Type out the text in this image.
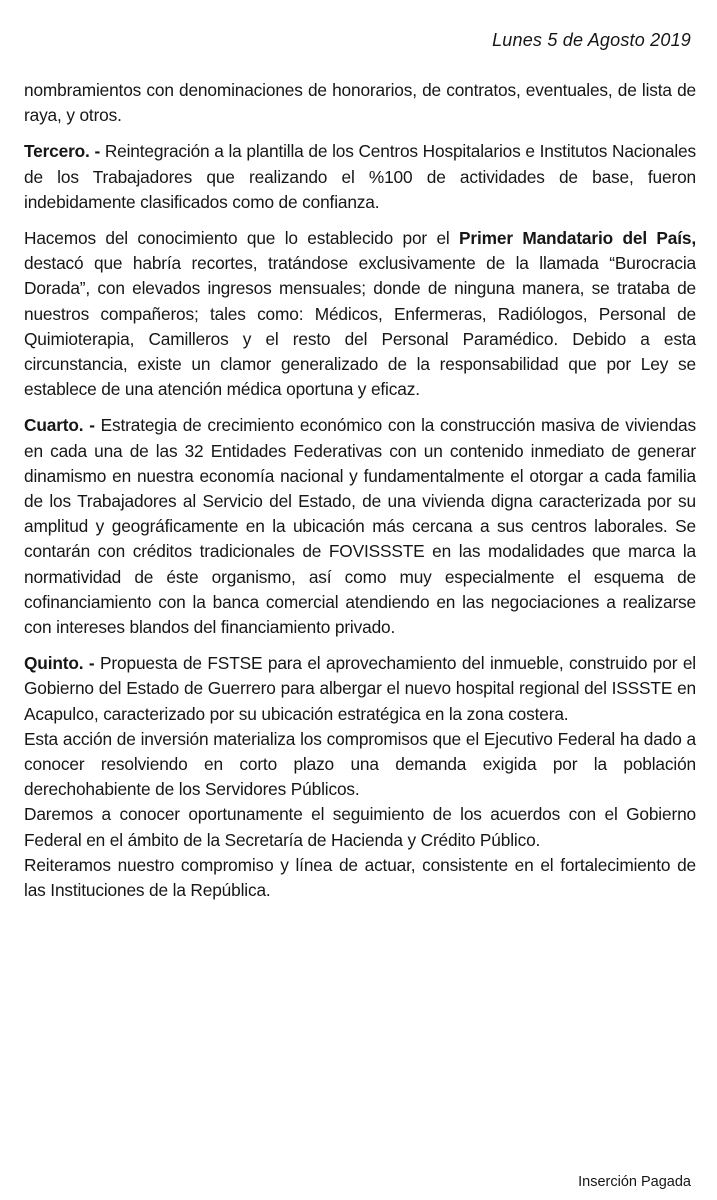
Lunes 5 de Agosto 2019

nombramientos con denominaciones de honorarios, de contratos, eventuales, de lista de raya, y otros.

Tercero. - Reintegración a la plantilla de los Centros Hospitalarios e Institutos Nacionales de los Trabajadores que realizando el %100 de actividades de base, fueron indebidamente clasificados como de confianza.

Hacemos del conocimiento que lo establecido por el Primer Mandatario del País, destacó que habría recortes, tratándose exclusivamente de la llamada “Burocracia Dorada”, con elevados ingresos mensuales; donde de ninguna manera, se trataba de nuestros compañeros; tales como: Médicos, Enfermeras, Radiólogos, Personal de Quimioterapia, Camilleros y el resto del Personal Paramédico. Debido a esta circunstancia, existe un clamor generalizado de la responsabilidad que por Ley se establece de una atención médica oportuna y eficaz.

Cuarto. - Estrategia de crecimiento económico con la construcción masiva de viviendas en cada una de las 32 Entidades Federativas con un contenido inmediato de generar dinamismo en nuestra economía nacional y fundamentalmente el otorgar a cada familia de los Trabajadores al Servicio del Estado, de una vivienda digna caracterizada por su amplitud y geográficamente en la ubicación más cercana a sus centros laborales. Se contarán con créditos tradicionales de FOVISSSTE en las modalidades que marca la normatividad de éste organismo, así como muy especialmente el esquema de cofinanciamiento con la banca comercial atendiendo en las negociaciones a realizarse con intereses blandos del financiamiento privado.

Quinto. - Propuesta de FSTSE para el aprovechamiento del inmueble, construido por el Gobierno del Estado de Guerrero para albergar el nuevo hospital regional del ISSSTE en Acapulco, caracterizado por su ubicación estratégica en la zona costera.

Esta acción de inversión materializa los compromisos que el Ejecutivo Federal ha dado a conocer resolviendo en corto plazo una demanda exigida por la población derechohabiente de los Servidores Públicos.

Daremos a conocer oportunamente el seguimiento de los acuerdos con el Gobierno Federal en el ámbito de la Secretaría de Hacienda y Crédito Público.

Reiteramos nuestro compromiso y línea de actuar, consistente en el fortalecimiento de las Instituciones de la República.

Inserción Pagada
